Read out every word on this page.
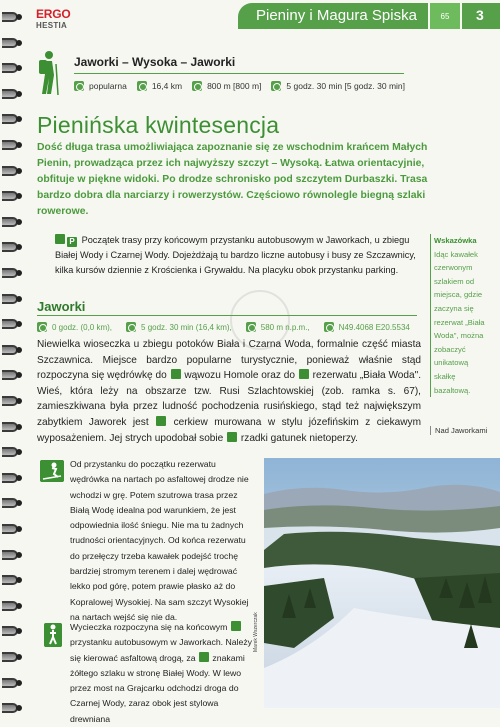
ERGO
HESTIA
Pieniny i Magura Spiska	65	3
Jaworki – Wysoka – Jaworki
popularna	16,4 km	800 m [800 m]	5 godz. 30 min [5 godz. 30 min]
Pienińska kwintesencja

Dość długa trasa umożliwiająca zapoznanie się ze wschodnim krańcem Małych Pienin, prowadząca przez ich najwyższy szczyt – Wysoką. Łatwa orientacyjnie, obfituje w piękne widoki. Po drodze schronisko pod szczytem Durbaszki. Trasa bardzo dobra dla narciarzy i rowerzystów. Częściowo równolegle biegną szlaki rowerowe.

P Początek trasy przy końcowym przystanku autobusowym w Jaworkach, u zbiegu Białej Wody i Czarnej Wody. Dojeżdżają tu bardzo liczne autobusy i busy ze Szczawnicy, kilka kursów dziennie z Krościenka i Grywałdu. Na placyku obok przystanku parking.

Wskazówka
Idąc kawałek czerwonym szlakiem od miejsca, gdzie zaczyna się rezerwat „Biała Woda", można zobaczyć unikatową skałkę bazaltową.
Nad Jaworkami
Jaworki
0 godz. (0,0 km),	5 godz. 30 min (16,4 km),	580 m n.p.m.,	N49.4068 E20.5534

Niewielka wioseczka u zbiegu potoków Biała i Czarna Woda, formalnie część miasta Szczawnica. Miejsce bardzo popularne turystycznie, ponieważ właśnie stąd rozpoczyna się wędrówkę do wąwozu Homole oraz do rezerwatu „Biała Woda". Wieś, która leży na obszarze tzw. Rusi Szlachtowskiej (zob. ramka s. 67), zamieszkiwana była przez ludność pochodzenia rusińskiego, stąd też największym zabytkiem Jaworek jest cerkiew murowana w stylu józefińskim z ciekawym wyposażeniem. Jej strych upodobał sobie rzadki gatunek nietoperzy.

Od przystanku do początku rezerwatu wędrówka na nartach po asfaltowej drodze nie wchodzi w grę. Potem szutrowa trasa przez Białą Wodę idealna pod warunkiem, że jest odpowiednia ilość śniegu. Nie ma tu żadnych trudności orientacyjnych. Od końca rezerwatu do przełęczy trzeba kawałek podejść trochę bardziej stromym terenem i dalej wędrować lekko pod górę, potem prawie płasko aż do Kopralowej Wysokiej. Na sam szczyt Wysokiej na nartach wejść się nie da.

Wycieczka rozpoczyna się na końcowym  przystanku autobusowym w Jaworkach. Należy się kierować asfaltową drogą, za znakami żółtego szlaku w stronę Białej Wody. W lewo przez most na Grajcarku odchodzi droga do Czarnej Wody, zaraz obok jest stylowa drewniana

Marek Wszerczak
